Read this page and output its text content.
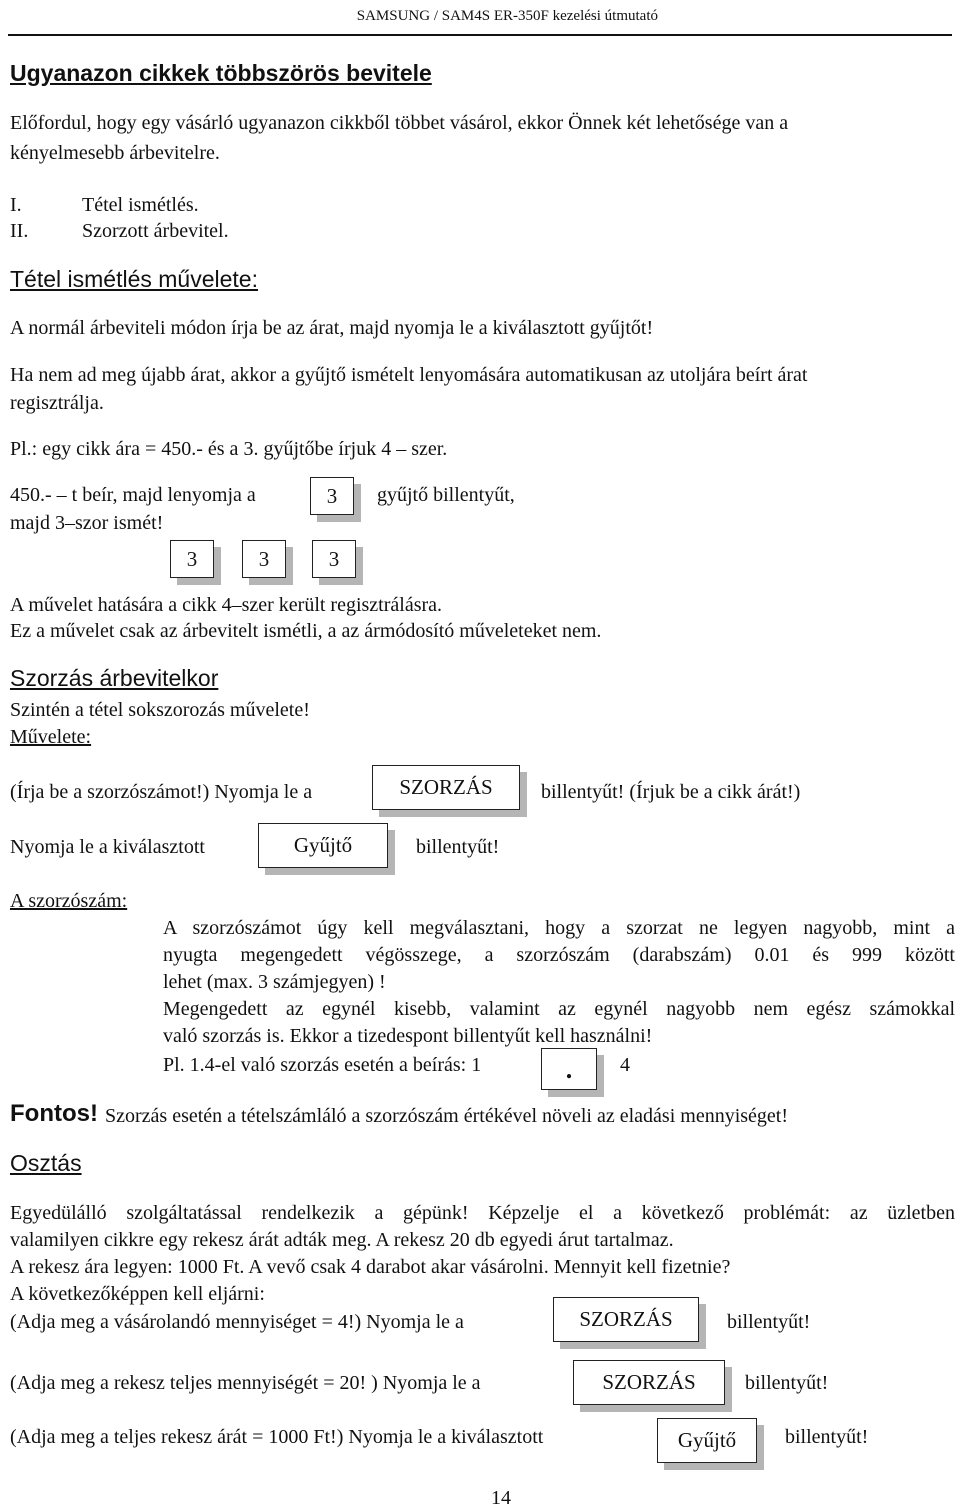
SAMSUNG / SAM4S ER-350F kezelési útmutató
Ugyanazon cikkek többszörös bevitele
Előfordul, hogy egy vásárló ugyanazon cikkből többet vásárol, ekkor Önnek két lehetősége van a
kényelmesebb árbevitelre.
I.	Tétel ismétlés.
II.	Szorzott árbevitel.
Tétel ismétlés művelete:
A normál árbeviteli módon írja be az árat, majd nyomja le a kiválasztott gyűjtőt!
Ha nem ad meg újabb árat, akkor a gyűjtő ismételt lenyomására automatikusan az utoljára beírt árat
regisztrálja.
Pl.: egy cikk ára = 450.- és a 3. gyűjtőbe írjuk 4 – szer.
450.- – t beír, majd lenyomja a	3	gyűjtő billentyűt,
majd 3–szor ismét!
3	3	3
A művelet hatására a cikk 4–szer került regisztrálásra.
Ez a művelet csak az árbevitelt ismétli, a az ármódosító műveleteket nem.
Szorzás árbevitelkor
Szintén a tétel sokszorozás művelete!
Művelete:
(Írja be a szorzószámot!) Nyomja le a	SZORZÁS	billentyűt! (Írjuk be a cikk árát!)
Nyomja le a kiválasztott	Gyűjtő	billentyűt!
A szorzószám:
A szorzószámot úgy kell megválasztani, hogy a szorzat ne legyen nagyobb, mint a
nyugta megengedett végösszege, a szorzószám (darabszám) 0.01 és 999 között
lehet (max. 3 számjegyen) !
Megengedett az egynél kisebb, valamint az egynél nagyobb nem egész számokkal
való szorzás is. Ekkor a tizedespont billentyűt kell használni!
Pl. 1.4-el való szorzás esetén a beírás: 1	.	4
Fontos! Szorzás esetén a tételszámláló a szorzószám értékével növeli az eladási mennyiséget!
Osztás
Egyedülálló szolgáltatással rendelkezik a gépünk! Képzelje el a következő problémát: az üzletben
valamilyen cikkre egy rekesz árát adták meg. A rekesz 20 db egyedi árut tartalmaz.
A rekesz ára legyen: 1000 Ft. A vevő csak 4 darabot akar vásárolni. Mennyit kell fizetnie?
A következőképpen kell eljárni:
(Adja meg a vásárolandó mennyiséget = 4!) Nyomja le a	SZORZÁS	billentyűt!
(Adja meg a rekesz teljes mennyiségét = 20! ) Nyomja le a	SZORZÁS	billentyűt!
(Adja meg a teljes rekesz árát = 1000 Ft!) Nyomja le a kiválasztott	Gyűjtő	billentyűt!
14
